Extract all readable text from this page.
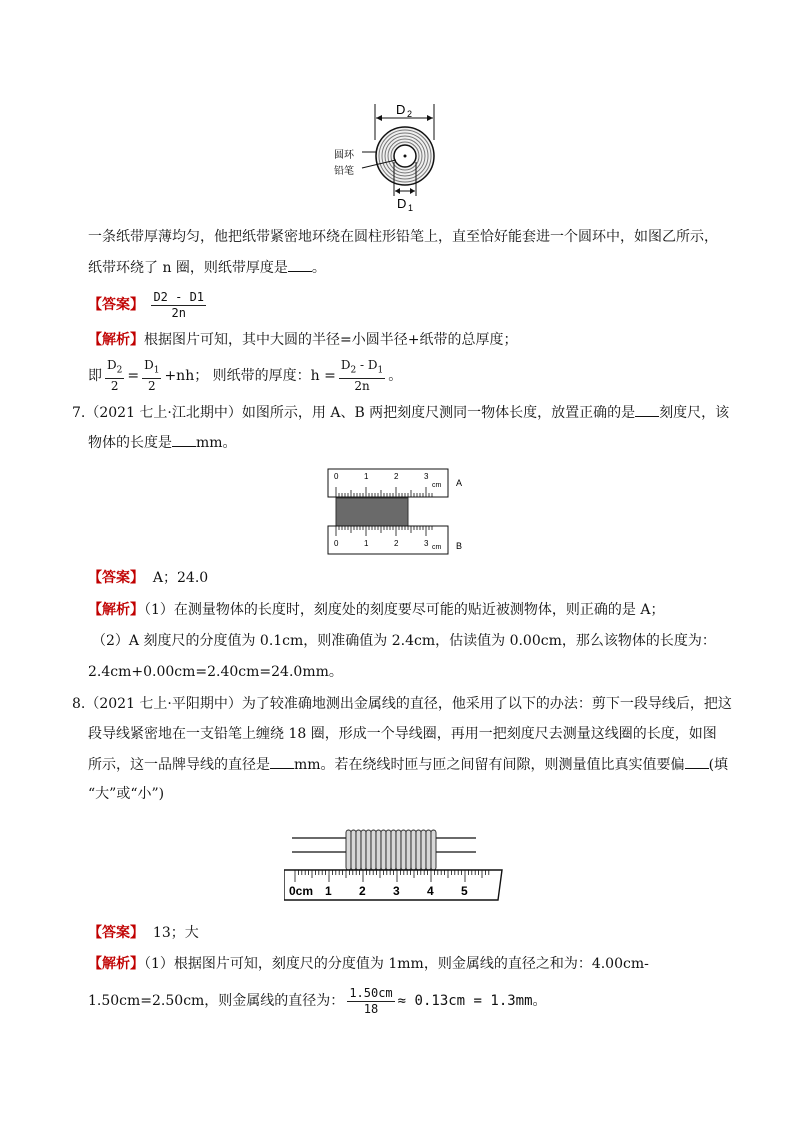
D 2
圆环
铅笔
D 1
一条纸带厚薄均匀，他把纸带紧密地环绕在圆柱形铅笔上，直至恰好能套进一个圆环中，如图乙所示，
纸带环绕了 n 圈，则纸带厚度是 。
【答案】 $\frac{D2 - D1}{2n}$
【解析】根据图片可知，其中大圆的半径=小圆半径+纸带的总厚度；
即 $\frac{D_2}{2} = \frac{D_1}{2} +nh$； 则纸带的厚度：$h = \frac{D_2 - D_1}{2n}$ 。
7.（2021 七上·江北期中）如图所示，用 A、B 两把刻度尺测同一物体长度，放置正确的是 刻度尺，该
物体的长度是 mm。
0	1	2	3
cm A
0	1	2	3 cm B
【答案】 A；24.0
【解析】（1）在测量物体的长度时，刻度处的刻度要尽可能的贴近被测物体，则正确的是 A；
（2）A 刻度尺的分度值为 0.1cm，则准确值为 2.4cm，估读值为 0.00cm，那么该物体的长度为：
2.4cm+0.00cm=2.40cm=24.0mm。
8.（2021 七上·平阳期中）为了较准确地测出金属线的直径，他采用了以下的办法：剪下一段导线后，把这
段导线紧密地在一支铅笔上缠绕 18 圈，形成一个导线圈，再用一把刻度尺去测量这线圈的长度，如图
所示，这一品牌导线的直径是 mm。若在绕线时匝与匝之间留有间隙，则测量值比真实值要偏 (填
“大”或“小”)
0cm 1 2 3 4 5
【答案】 13；大
【解析】（1）根据图片可知，刻度尺的分度值为 1mm，则金属线的直径之和为：4.00cm-
1.50cm=2.50cm，则金属线的直径为： $\frac{1.50cm}{18} \approx 0.13cm = 1.3mm$。
